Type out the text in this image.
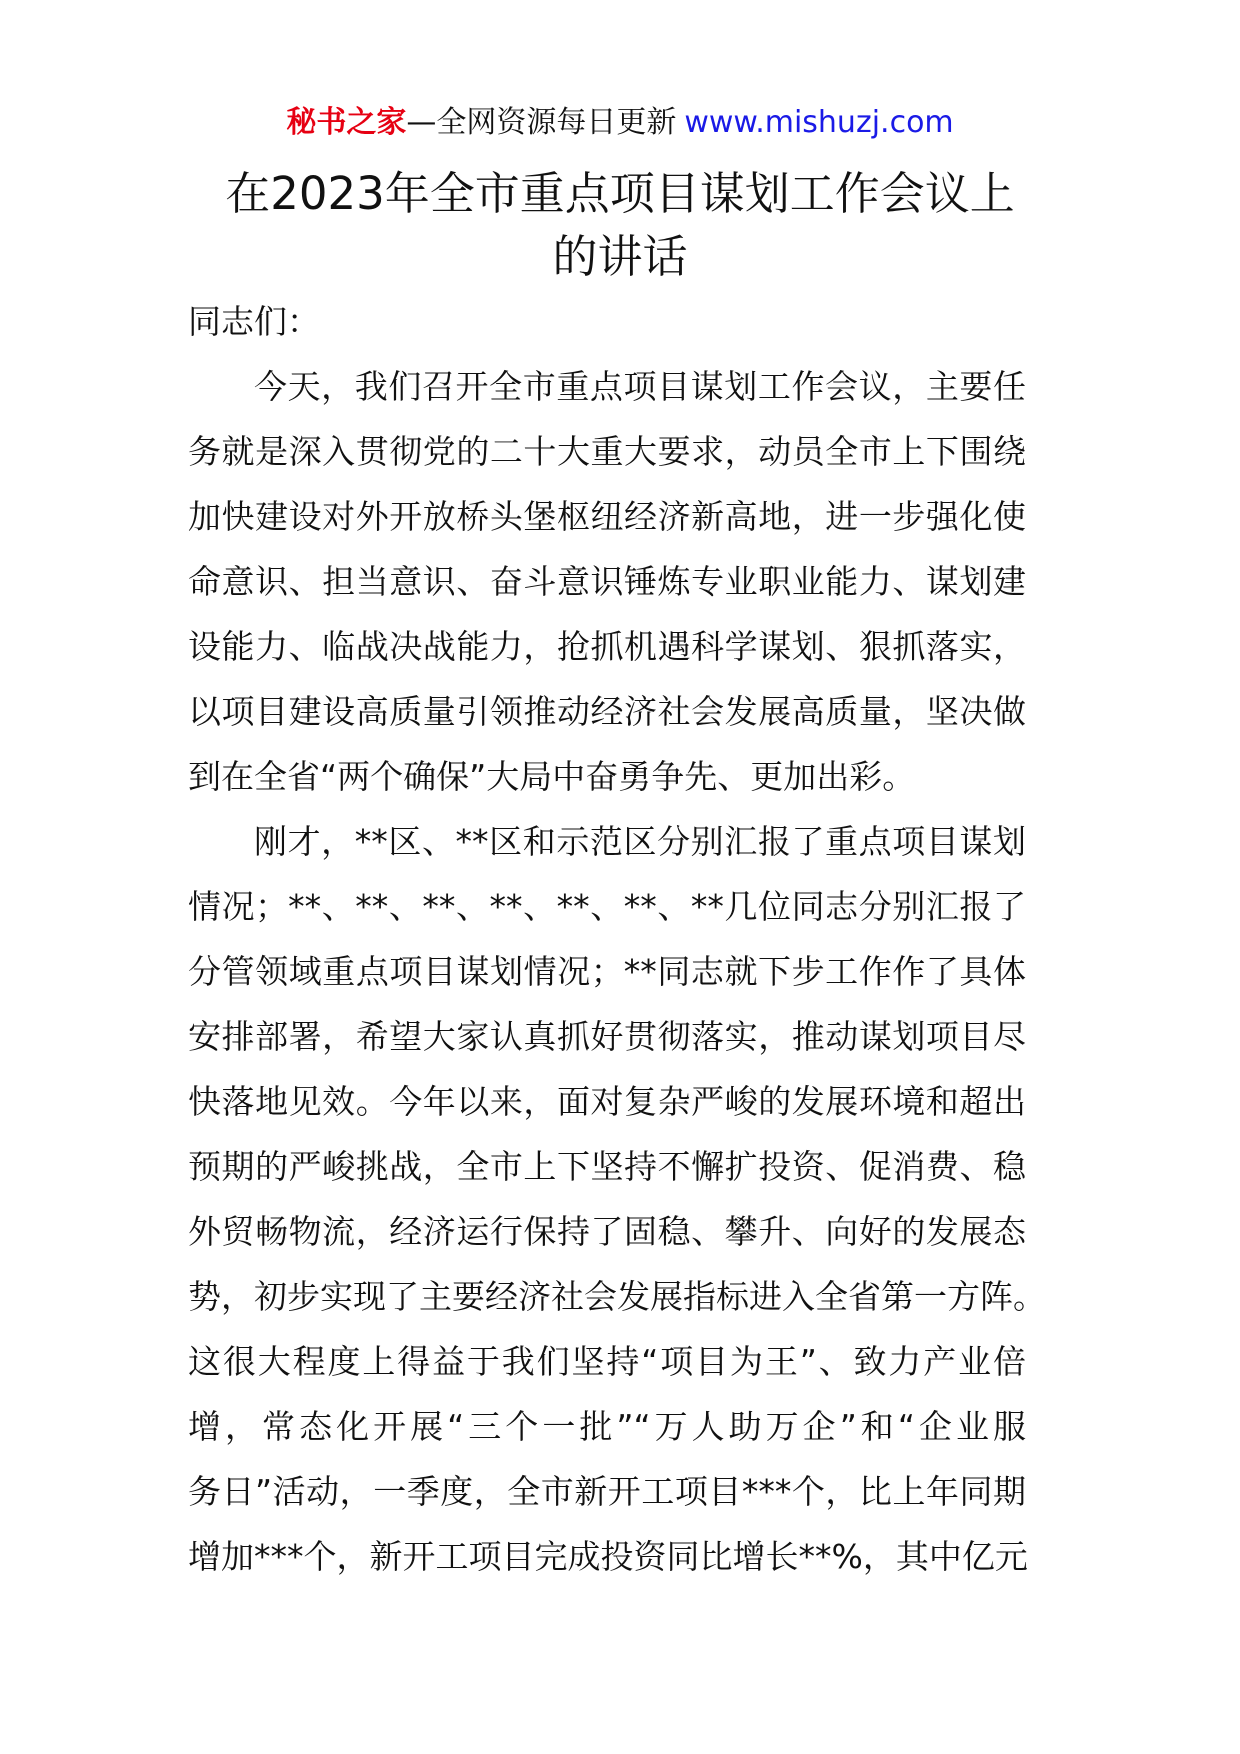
秘书之家—全网资源每日更新 www.mishuzj.com
在2023年全市重点项目谋划工作会议上
的讲话
同志们：
今天，我们召开全市重点项目谋划工作会议，主要任
务就是深入贯彻党的二十大重大要求，动员全市上下围绕
加快建设对外开放桥头堡枢纽经济新高地，进一步强化使
命意识、担当意识、奋斗意识锤炼专业职业能力、谋划建
设能力、临战决战能力，抢抓机遇科学谋划、狠抓落实，
以项目建设高质量引领推动经济社会发展高质量，坚决做
到在全省“两个确保”大局中奋勇争先、更加出彩。
刚才，**区、**区和示范区分别汇报了重点项目谋划
情况；**、**、**、**、**、**、**几位同志分别汇报了
分管领域重点项目谋划情况；**同志就下步工作作了具体
安排部署，希望大家认真抓好贯彻落实，推动谋划项目尽
快落地见效。今年以来，面对复杂严峻的发展环境和超出
预期的严峻挑战，全市上下坚持不懈扩投资、促消费、稳
外贸畅物流，经济运行保持了固稳、攀升、向好的发展态
势，初步实现了主要经济社会发展指标进入全省第一方阵。
这很大程度上得益于我们坚持“项目为王”、致力产业倍
增，常态化开展“三个一批”“万人助万企”和“企业服
务日”活动，一季度，全市新开工项目***个，比上年同期
增加***个，新开工项目完成投资同比增长**%，其中亿元
